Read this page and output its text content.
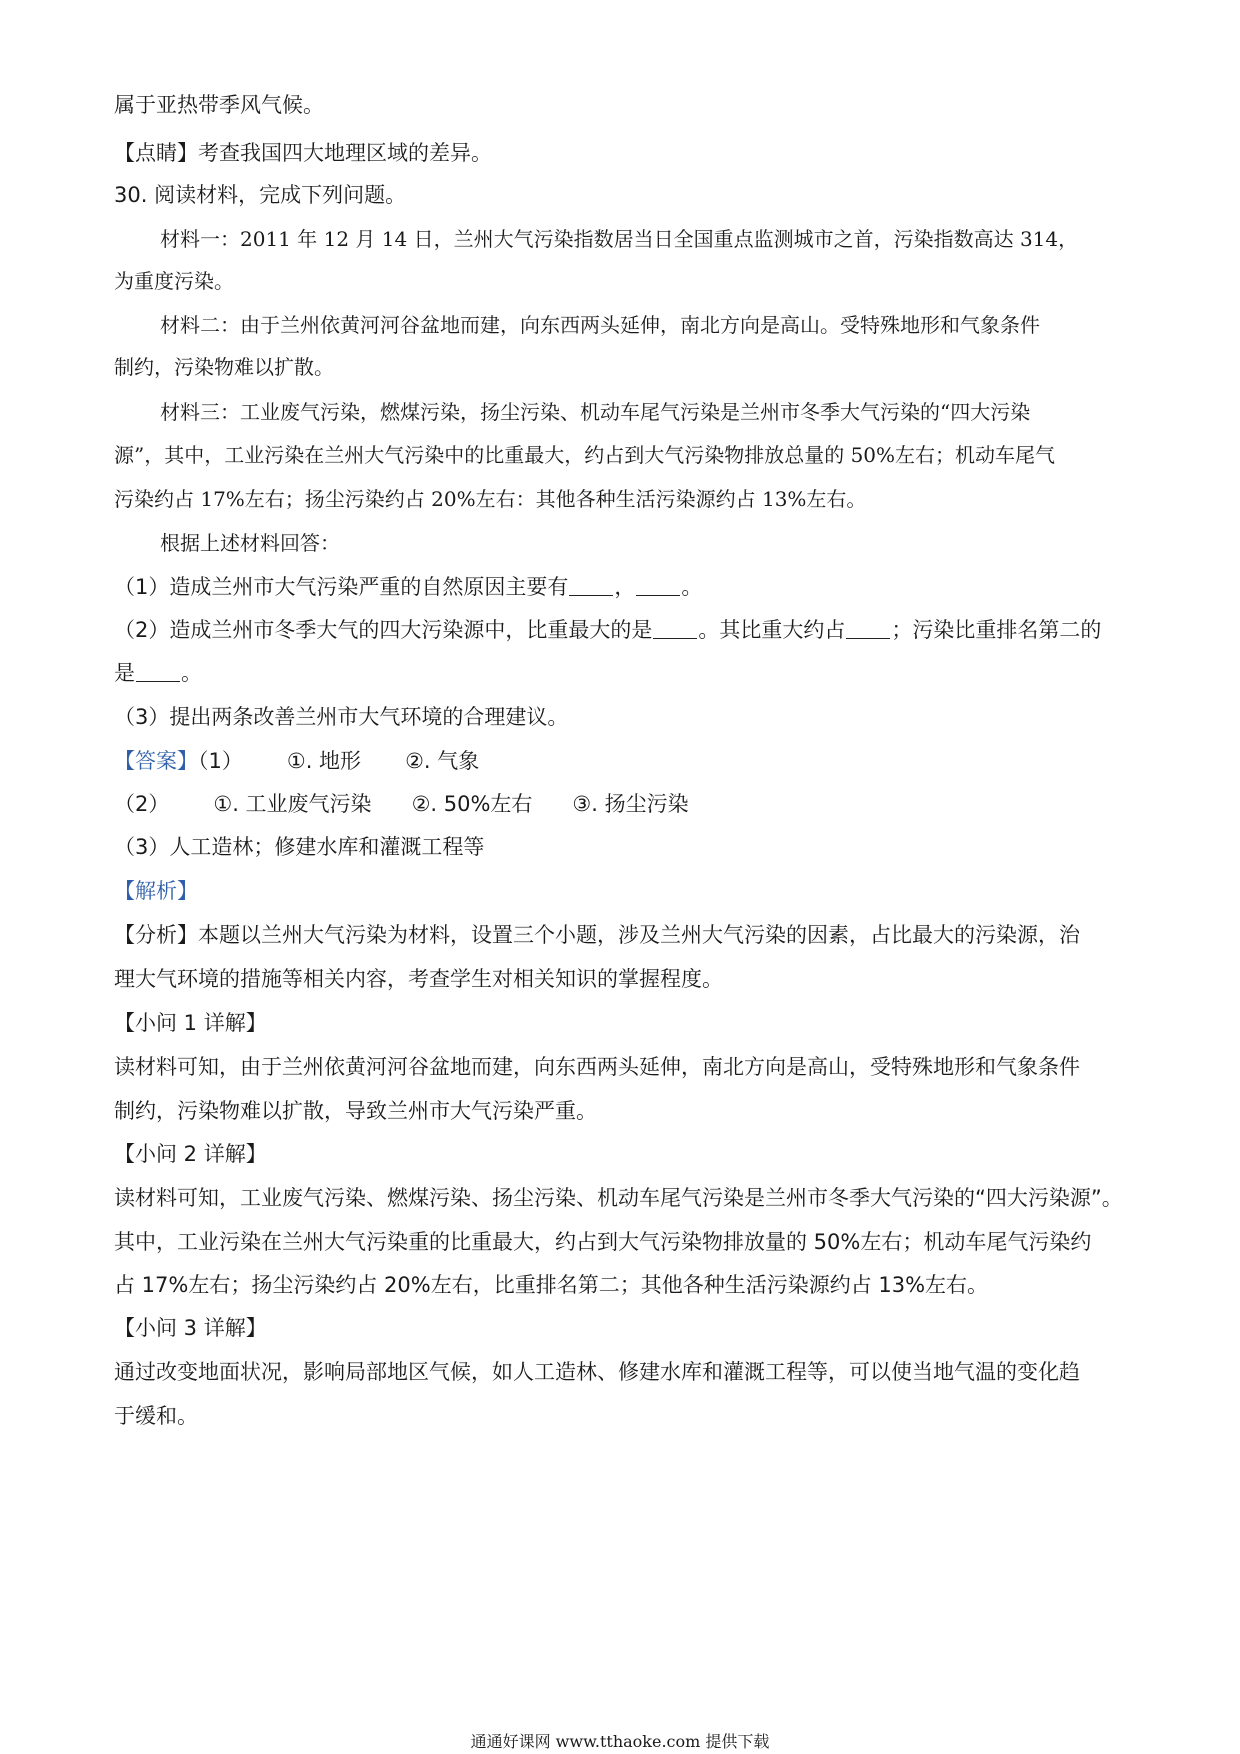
属于亚热带季风气候。
【点睛】考查我国四大地理区域的差异。
30. 阅读材料，完成下列问题。
材料一：2011 年 12 月 14 日，兰州大气污染指数居当日全国重点监测城市之首，污染指数高达 314，
为重度污染。
材料二：由于兰州依黄河河谷盆地而建，向东西两头延伸，南北方向是高山。受特殊地形和气象条件
制约，污染物难以扩散。
材料三：工业废气污染，燃煤污染，扬尘污染、机动车尾气污染是兰州市冬季大气污染的“四大污染
源”，其中，工业污染在兰州大气污染中的比重最大，约占到大气污染物排放总量的 50%左右；机动车尾气
污染约占 17%左右；扬尘污染约占 20%左右：其他各种生活污染源约占 13%左右。
根据上述材料回答：
（1）造成兰州市大气污染严重的自然原因主要有 ， 。
（2）造成兰州市冬季大气的四大污染源中，比重最大的是 。其比重大约占 ；污染比重排名第二的
是 。
（3）提出两条改善兰州市大气环境的合理建议。
【答案】（1） ①. 地形 ②. 气象
（2） ①. 工业废气污染 ②. 50%左右 ③. 扬尘污染
（3）人工造林；修建水库和灌溉工程等
【解析】
【分析】本题以兰州大气污染为材料，设置三个小题，涉及兰州大气污染的因素，占比最大的污染源，治
理大气环境的措施等相关内容，考查学生对相关知识的掌握程度。
【小问 1 详解】
读材料可知，由于兰州依黄河河谷盆地而建，向东西两头延伸，南北方向是高山，受特殊地形和气象条件
制约，污染物难以扩散，导致兰州市大气污染严重。
【小问 2 详解】
读材料可知，工业废气污染、燃煤污染、扬尘污染、机动车尾气污染是兰州市冬季大气污染的“四大污染源”。
其中，工业污染在兰州大气污染重的比重最大，约占到大气污染物排放量的 50%左右；机动车尾气污染约
占 17%左右；扬尘污染约占 20%左右，比重排名第二；其他各种生活污染源约占 13%左右。
【小问 3 详解】
通过改变地面状况，影响局部地区气候，如人工造林、修建水库和灌溉工程等，可以使当地气温的变化趋
于缓和。
通通好课网 www.tthaoke.com 提供下载
